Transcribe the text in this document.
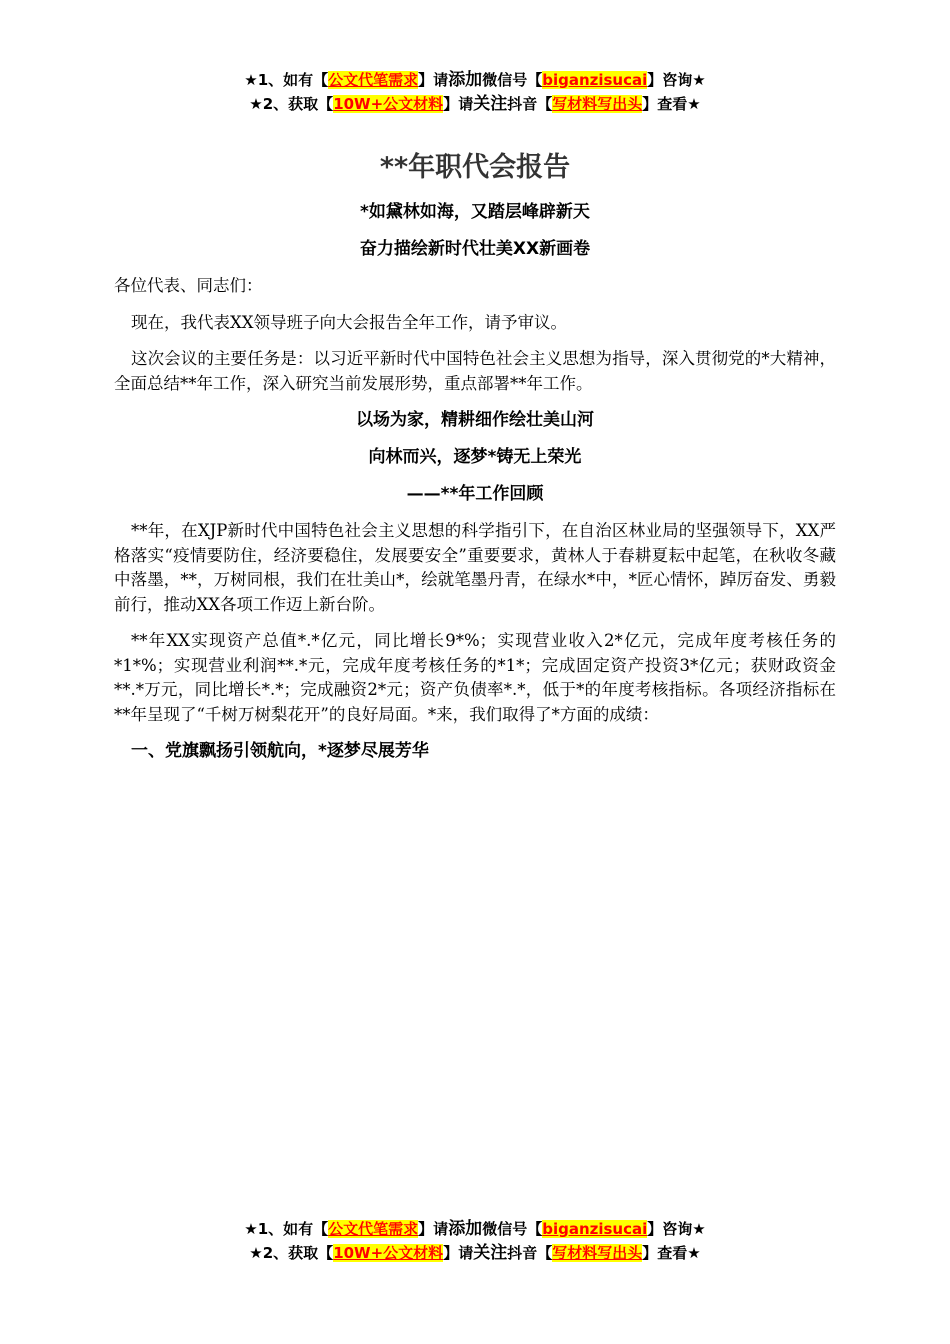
★1、如有【公文代笔需求】请添加微信号【biganzisucai】咨询★
★2、获取【10W+公文材料】请关注抖音【写材料写出头】查看★
**年职代会报告
*如黛林如海，又踏层峰辟新天
奋力描绘新时代壮美XX新画卷

各位代表、同志们：

现在，我代表XX领导班子向大会报告全年工作，请予审议。

这次会议的主要任务是：以习近平新时代中国特色社会主义思想为指导，深入贯彻党的*大精神，全面总结**年工作，深入研究当前发展形势，重点部署**年工作。

以场为家，精耕细作绘壮美山河
向林而兴，逐梦*铸无上荣光
——**年工作回顾

**年，在XJP新时代中国特色社会主义思想的科学指引下，在自治区林业局的坚强领导下，XX严格落实“疫情要防住，经济要稳住，发展要安全”重要要求，黄林人于春耕夏耘中起笔，在秋收冬藏中落墨，**，万树同根，我们在壮美山*，绘就笔墨丹青，在绿水*中，*匠心情怀，踔厉奋发、勇毅前行，推动XX各项工作迈上新台阶。

**年XX实现资产总值*.*亿元，同比增长9*%；实现营业收入2*亿元，完成年度考核任务的*1*%；实现营业利润**.*元，完成年度考核任务的*1*；完成固定资产投资3*亿元；获财政资金**.*万元，同比增长*.*；完成融资2*元；资产负债率*.*，低于*的年度考核指标。各项经济指标在**年呈现了“千树万树梨花开”的良好局面。*来，我们取得了*方面的成绩：

一、党旗飘扬引领航向，*逐梦尽展芳华
★1、如有【公文代笔需求】请添加微信号【biganzisucai】咨询★
★2、获取【10W+公文材料】请关注抖音【写材料写出头】查看★
